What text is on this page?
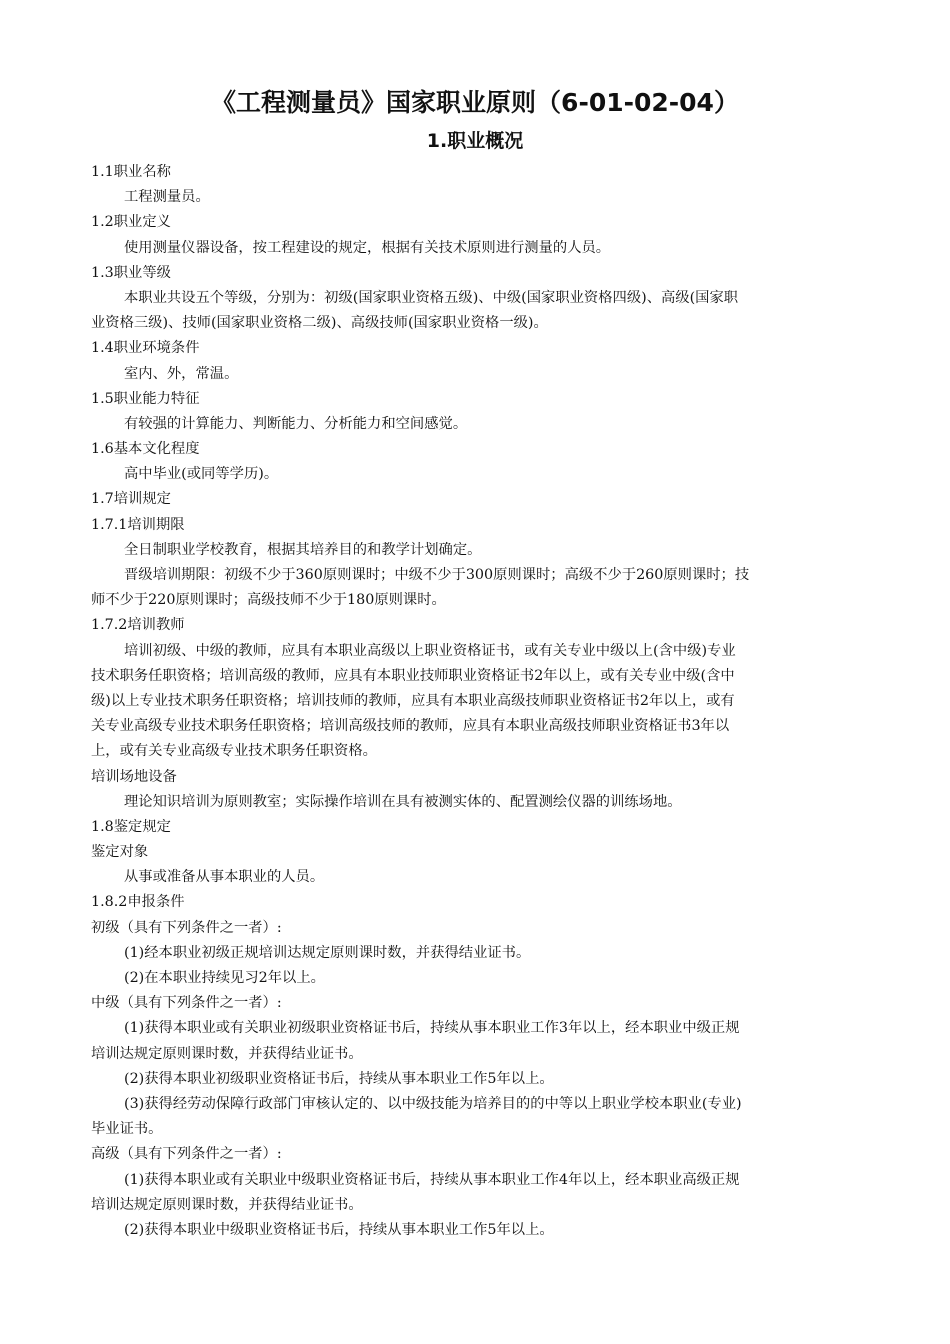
《工程测量员》国家职业原则（6-01-02-04）
1.职业概况
1.1职业名称
工程测量员。
1.2职业定义
使用测量仪器设备，按工程建设的规定，根据有关技术原则进行测量的人员。
1.3职业等级
本职业共设五个等级，分别为：初级(国家职业资格五级)、中级(国家职业资格四级)、高级(国家职
业资格三级)、技师(国家职业资格二级)、高级技师(国家职业资格一级)。
1.4职业环境条件
室内、外，常温。
1.5职业能力特征
有较强的计算能力、判断能力、分析能力和空间感觉。
1.6基本文化程度
高中毕业(或同等学历)。
1.7培训规定
1.7.1培训期限
全日制职业学校教育，根据其培养目的和教学计划确定。
晋级培训期限：初级不少于360原则课时；中级不少于300原则课时；高级不少于260原则课时；技
师不少于220原则课时；高级技师不少于180原则课时。
1.7.2培训教师
培训初级、中级的教师，应具有本职业高级以上职业资格证书，或有关专业中级以上(含中级)专业
技术职务任职资格；培训高级的教师，应具有本职业技师职业资格证书2年以上，或有关专业中级(含中
级)以上专业技术职务任职资格；培训技师的教师，应具有本职业高级技师职业资格证书2年以上，或有
关专业高级专业技术职务任职资格；培训高级技师的教师，应具有本职业高级技师职业资格证书3年以
上，或有关专业高级专业技术职务任职资格。
培训场地设备
理论知识培训为原则教室；实际操作培训在具有被测实体的、配置测绘仪器的训练场地。
1.8鉴定规定
鉴定对象
从事或准备从事本职业的人员。
1.8.2申报条件
初级（具有下列条件之一者）:
(1)经本职业初级正规培训达规定原则课时数，并获得结业证书。
(2)在本职业持续见习2年以上。
中级（具有下列条件之一者）:
(1)获得本职业或有关职业初级职业资格证书后，持续从事本职业工作3年以上，经本职业中级正规
培训达规定原则课时数，并获得结业证书。
(2)获得本职业初级职业资格证书后，持续从事本职业工作5年以上。
(3)获得经劳动保障行政部门审核认定的、以中级技能为培养目的的中等以上职业学校本职业(专业)
毕业证书。
高级（具有下列条件之一者）:
(1)获得本职业或有关职业中级职业资格证书后，持续从事本职业工作4年以上，经本职业高级正规
培训达规定原则课时数，并获得结业证书。
(2)获得本职业中级职业资格证书后，持续从事本职业工作5年以上。
